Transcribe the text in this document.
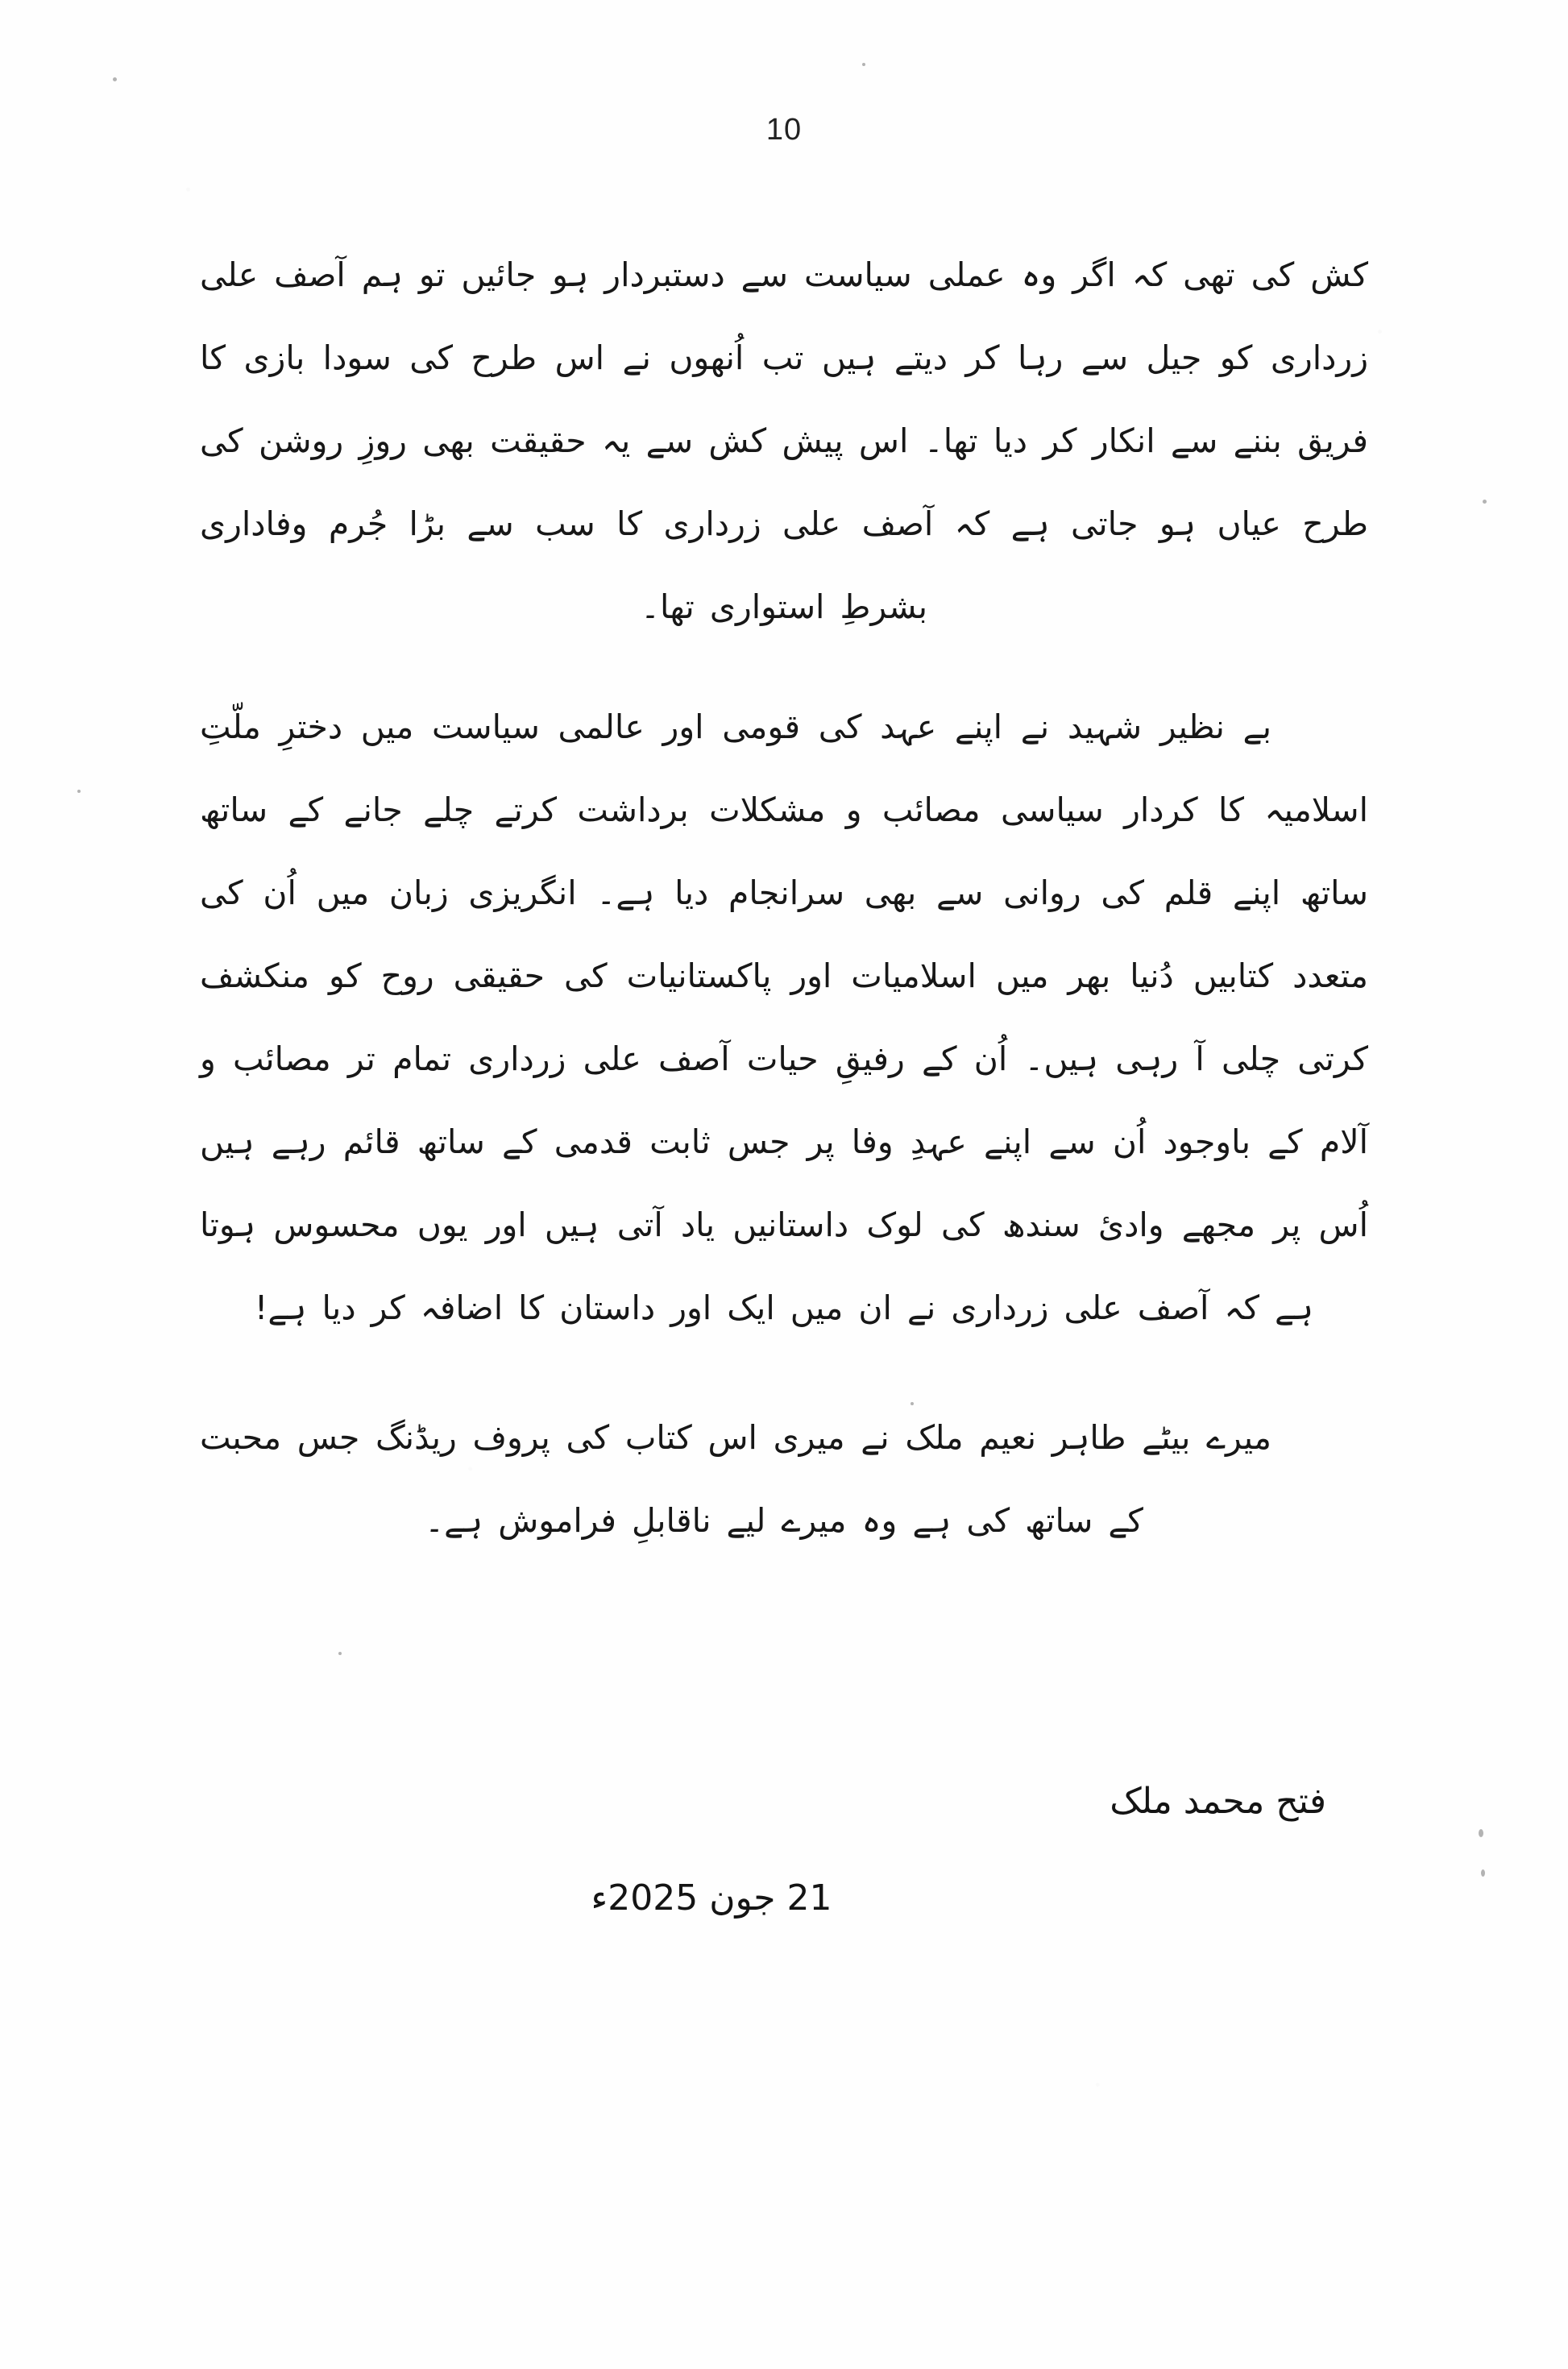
10

کش کی تھی کہ اگر وہ عملی سیاست سے دستبردار ہو جائیں تو ہم آصف علی زرداری کو جیل سے رہا کر دیتے ہیں تب اُنھوں نے اس طرح کی سودا بازی کا فریق بننے سے انکار کر دیا تھا۔ اس پیش کش سے یہ حقیقت بھی روزِ روشن کی طرح عیاں ہو جاتی ہے کہ آصف علی زرداری کا سب سے بڑا جُرم وفاداری بشرطِ استواری تھا۔

بے نظیر شہید نے اپنے عہد کی قومی اور عالمی سیاست میں دخترِ ملّتِ اسلامیہ کا کردار سیاسی مصائب و مشکلات برداشت کرتے چلے جانے کے ساتھ ساتھ اپنے قلم کی روانی سے بھی سرانجام دیا ہے۔ انگریزی زبان میں اُن کی متعدد کتابیں دُنیا بھر میں اسلامیات اور پاکستانیات کی حقیقی روح کو منکشف کرتی چلی آ رہی ہیں۔ اُن کے رفیقِ حیات آصف علی زرداری تمام تر مصائب و آلام کے باوجود اُن سے اپنے عہدِ وفا پر جس ثابت قدمی کے ساتھ قائم رہے ہیں اُس پر مجھے وادیٔ سندھ کی لوک داستانیں یاد آتی ہیں اور یوں محسوس ہوتا ہے کہ آصف علی زرداری نے ان میں ایک اور داستان کا اضافہ کر دیا ہے!

میرے بیٹے طاہر نعیم ملک نے میری اس کتاب کی پروف ریڈنگ جس محبت کے ساتھ کی ہے وہ میرے لیے ناقابلِ فراموش ہے۔

فتح محمد ملک
21 جون 2025ء
